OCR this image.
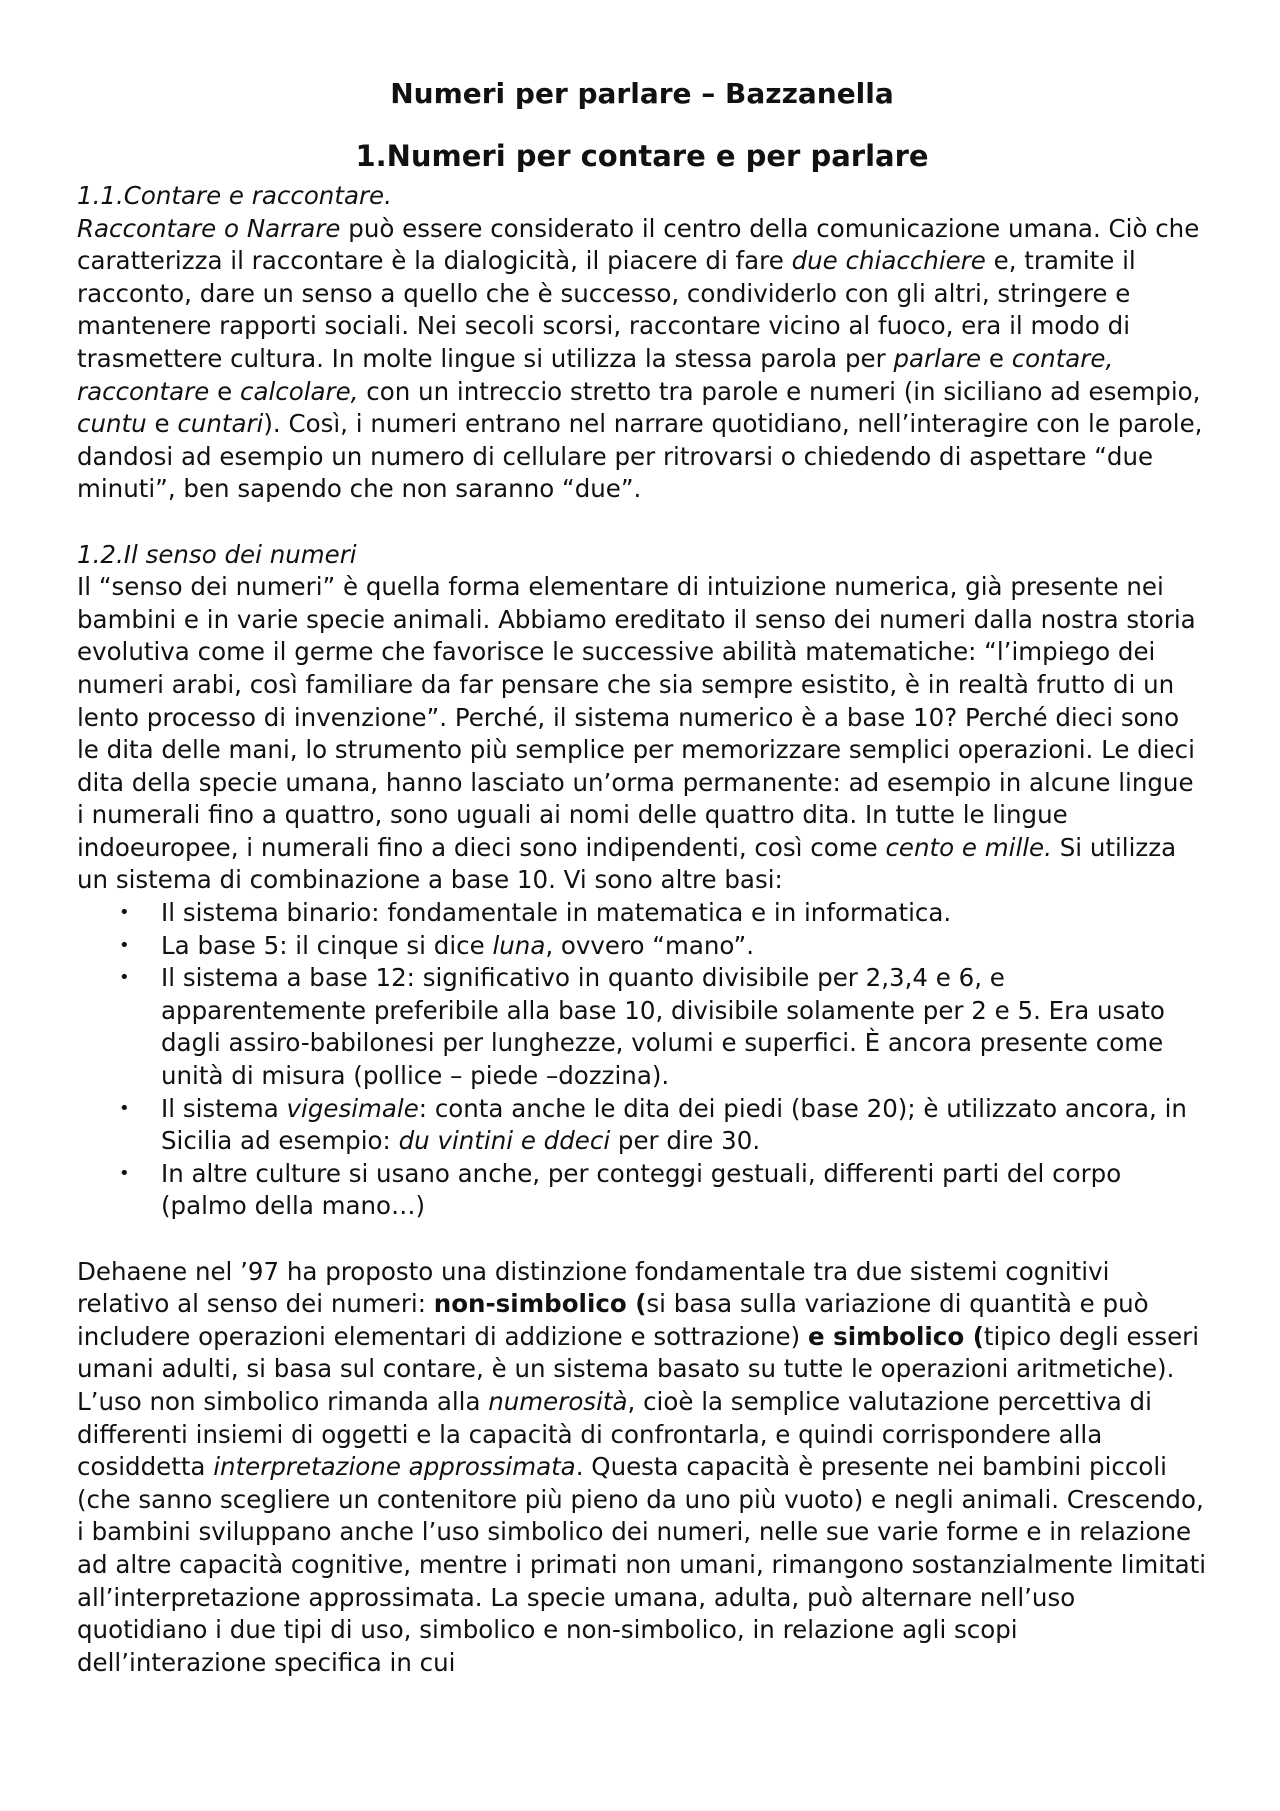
Numeri per parlare – Bazzanella
1.Numeri per contare e per parlare

1.1.Contare e raccontare.

Raccontare o Narrare può essere considerato il centro della comunicazione umana. Ciò che caratterizza il raccontare è la dialogicità, il piacere di fare due chiacchiere e, tramite il racconto, dare un senso a quello che è successo, condividerlo con gli altri, stringere e mantenere rapporti sociali. Nei secoli scorsi, raccontare vicino al fuoco, era il modo di trasmettere cultura. In molte lingue si utilizza la stessa parola per parlare e contare, raccontare e calcolare, con un intreccio stretto tra parole e numeri (in siciliano ad esempio, cuntu e cuntari). Così, i numeri entrano nel narrare quotidiano, nell’interagire con le parole, dandosi ad esempio un numero di cellulare per ritrovarsi o chiedendo di aspettare “due minuti”, ben sapendo che non saranno “due”.

1.2.Il senso dei numeri

Il “senso dei numeri” è quella forma elementare di intuizione numerica, già presente nei bambini e in varie specie animali. Abbiamo ereditato il senso dei numeri dalla nostra storia evolutiva come il germe che favorisce le successive abilità matematiche: “l’impiego dei numeri arabi, così familiare da far pensare che sia sempre esistito, è in realtà frutto di un lento processo di invenzione”. Perché, il sistema numerico è a base 10? Perché dieci sono le dita delle mani, lo strumento più semplice per memorizzare semplici operazioni. Le dieci dita della specie umana, hanno lasciato un’orma permanente: ad esempio in alcune lingue i numerali fino a quattro, sono uguali ai nomi delle quattro dita. In tutte le lingue indoeuropee, i numerali fino a dieci sono indipendenti, così come cento e mille. Si utilizza un sistema di combinazione a base 10. Vi sono altre basi:

• Il sistema binario: fondamentale in matematica e in informatica.
• La base 5: il cinque si dice luna, ovvero “mano”.
• Il sistema a base 12: significativo in quanto divisibile per 2,3,4 e 6, e apparentemente preferibile alla base 10, divisibile solamente per 2 e 5. Era usato dagli assiro-babilonesi per lunghezze, volumi e superfici. È ancora presente come unità di misura (pollice – piede –dozzina).
• Il sistema vigesimale: conta anche le dita dei piedi (base 20); è utilizzato ancora, in Sicilia ad esempio: du vintini e ddeci per dire 30.
• In altre culture si usano anche, per conteggi gestuali, differenti parti del corpo (palmo della mano…)

Dehaene nel ’97 ha proposto una distinzione fondamentale tra due sistemi cognitivi relativo al senso dei numeri: non-simbolico (si basa sulla variazione di quantità e può includere operazioni elementari di addizione e sottrazione) e simbolico (tipico degli esseri umani adulti, si basa sul contare, è un sistema basato su tutte le operazioni aritmetiche). L’uso non simbolico rimanda alla numerosità, cioè la semplice valutazione percettiva di differenti insiemi di oggetti e la capacità di confrontarla, e quindi corrispondere alla cosiddetta interpretazione approssimata. Questa capacità è presente nei bambini piccoli (che sanno scegliere un contenitore più pieno da uno più vuoto) e negli animali. Crescendo, i bambini sviluppano anche l’uso simbolico dei numeri, nelle sue varie forme e in relazione ad altre capacità cognitive, mentre i primati non umani, rimangono sostanzialmente limitati all’interpretazione approssimata. La specie umana, adulta, può alternare nell’uso quotidiano i due tipi di uso, simbolico e non-simbolico, in relazione agli scopi dell’interazione specifica in cui
